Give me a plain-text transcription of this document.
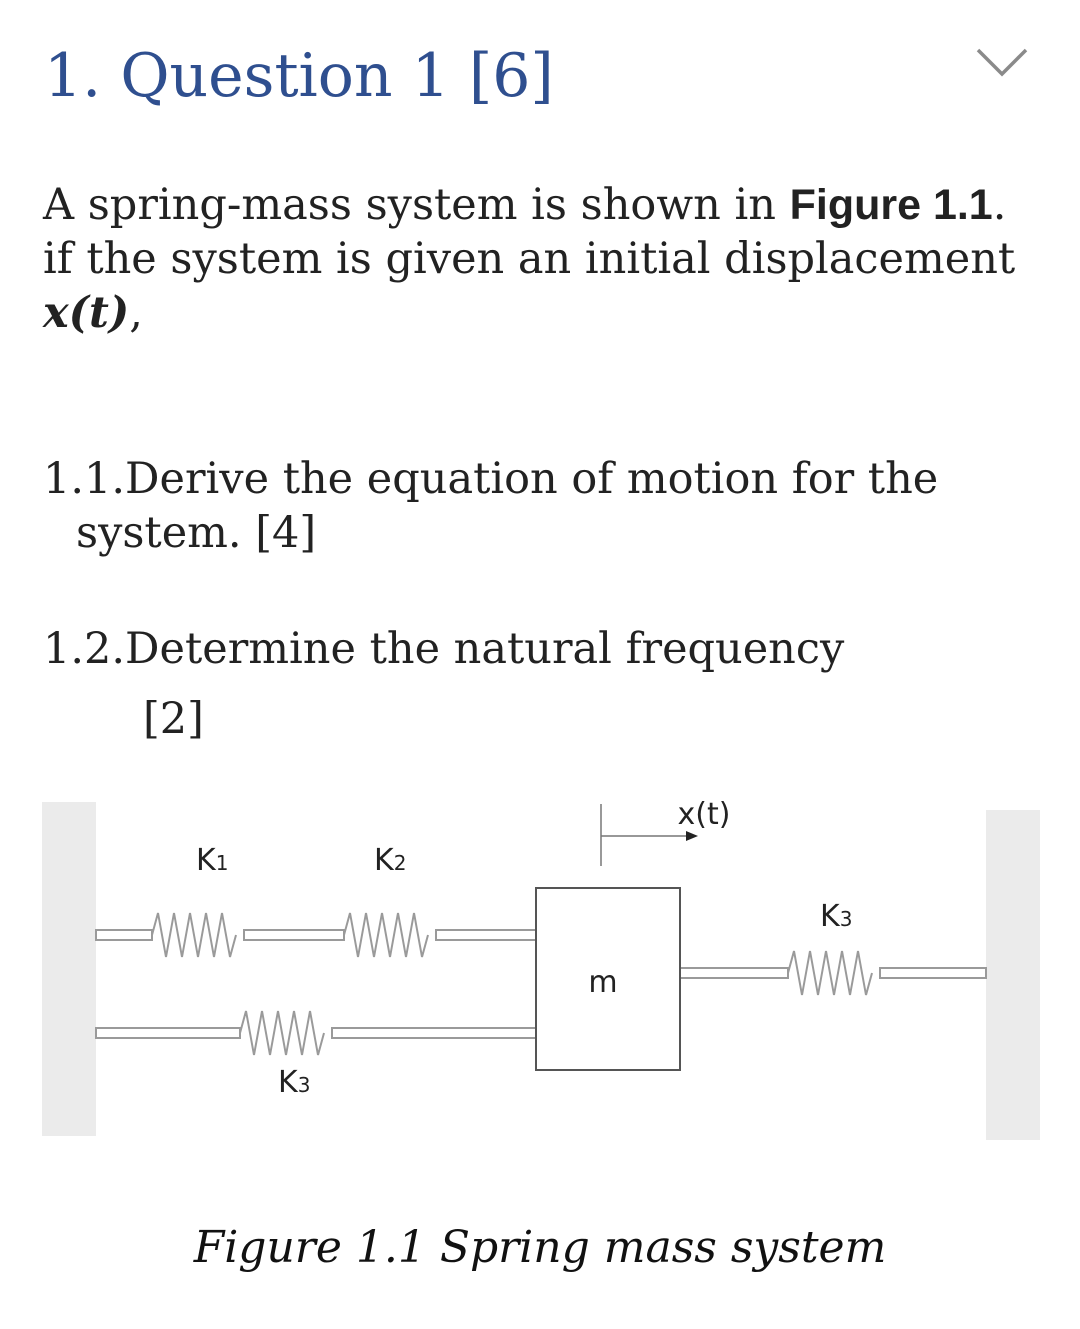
1. Question 1 [6]
A spring-mass system is shown in Figure 1.1. if the system is given an initial displacement
x(t),
1.1.Derive the equation of motion for the
system. [4]
1.2.Determine the natural frequency
[2]
m
x(t)
K1	K2
K3
K3
Figure 1.1 Spring mass system
